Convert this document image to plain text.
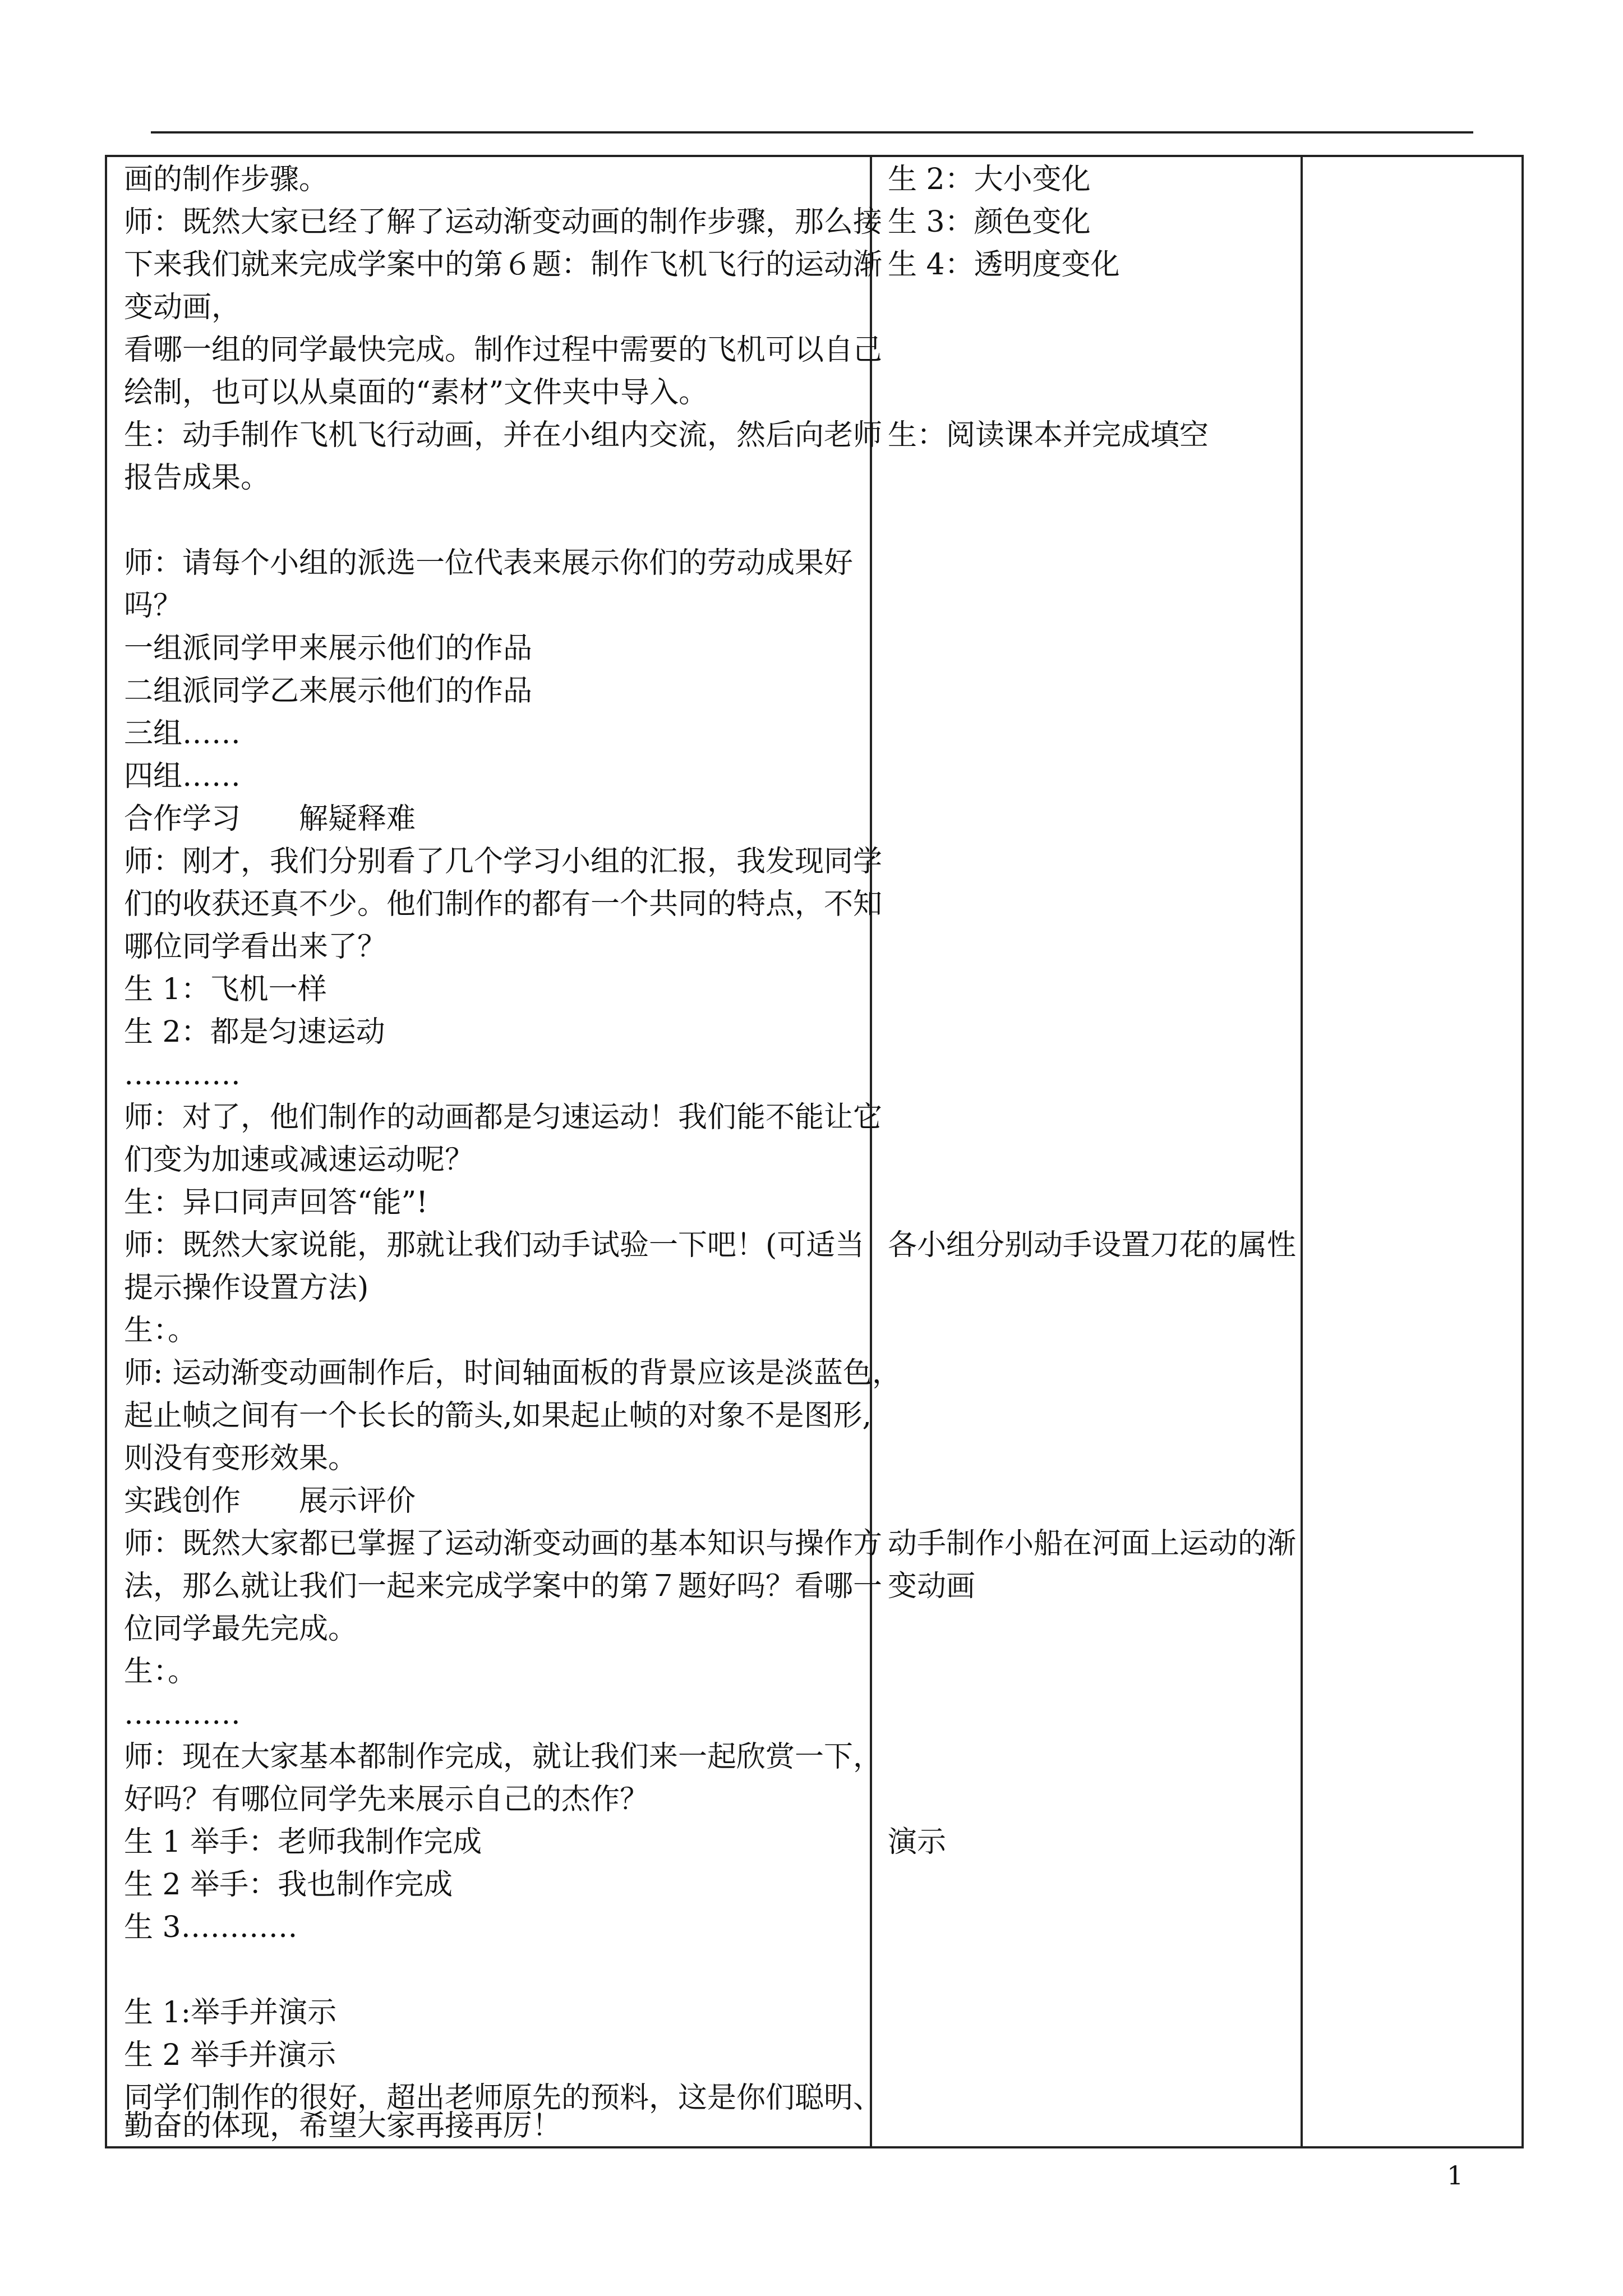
画的制作步骤。
师：既然大家已经了解了运动渐变动画的制作步骤，那么接
下来我们就来完成学案中的第６题：制作飞机飞行的运动渐
变动画，
看哪一组的同学最快完成。制作过程中需要的飞机可以自己
绘制，也可以从桌面的“素材”文件夹中导入。
生：动手制作飞机飞行动画，并在小组内交流，然后向老师
报告成果。
师：请每个小组的派选一位代表来展示你们的劳动成果好
吗？
一组派同学甲来展示他们的作品
二组派同学乙来展示他们的作品
三组……
四组……
合作学习　　解疑释难
师：刚才，我们分别看了几个学习小组的汇报，我发现同学
们的收获还真不少。他们制作的都有一个共同的特点，不知
哪位同学看出来了？
生 1：飞机一样
生 2：都是匀速运动
…………
师：对了，他们制作的动画都是匀速运动！我们能不能让它
们变为加速或减速运动呢？
生：异口同声回答“能”!
师：既然大家说能，那就让我们动手试验一下吧！(可适当
提示操作设置方法)
生：。
师: 运动渐变动画制作后，时间轴面板的背景应该是淡蓝色，
起止帧之间有一个长长的箭头,如果起止帧的对象不是图形,
则没有变形效果。
实践创作　　展示评价
师：既然大家都已掌握了运动渐变动画的基本知识与操作方
法，那么就让我们一起来完成学案中的第７题好吗？看哪一
位同学最先完成。
生：。
…………
师：现在大家基本都制作完成，就让我们来一起欣赏一下，
好吗？有哪位同学先来展示自己的杰作？
生 1 举手：老师我制作完成
生 2 举手：我也制作完成
生 3…………
生 1:举手并演示
生 2 举手并演示
同学们制作的很好，超出老师原先的预料，这是你们聪明、
勤奋的体现，希望大家再接再厉！
生 2：大小变化
生 3：颜色变化
生 4：透明度变化
生：阅读课本并完成填空
各小组分别动手设置刀花的属性
动手制作小船在河面上运动的渐
变动画
演示
1
